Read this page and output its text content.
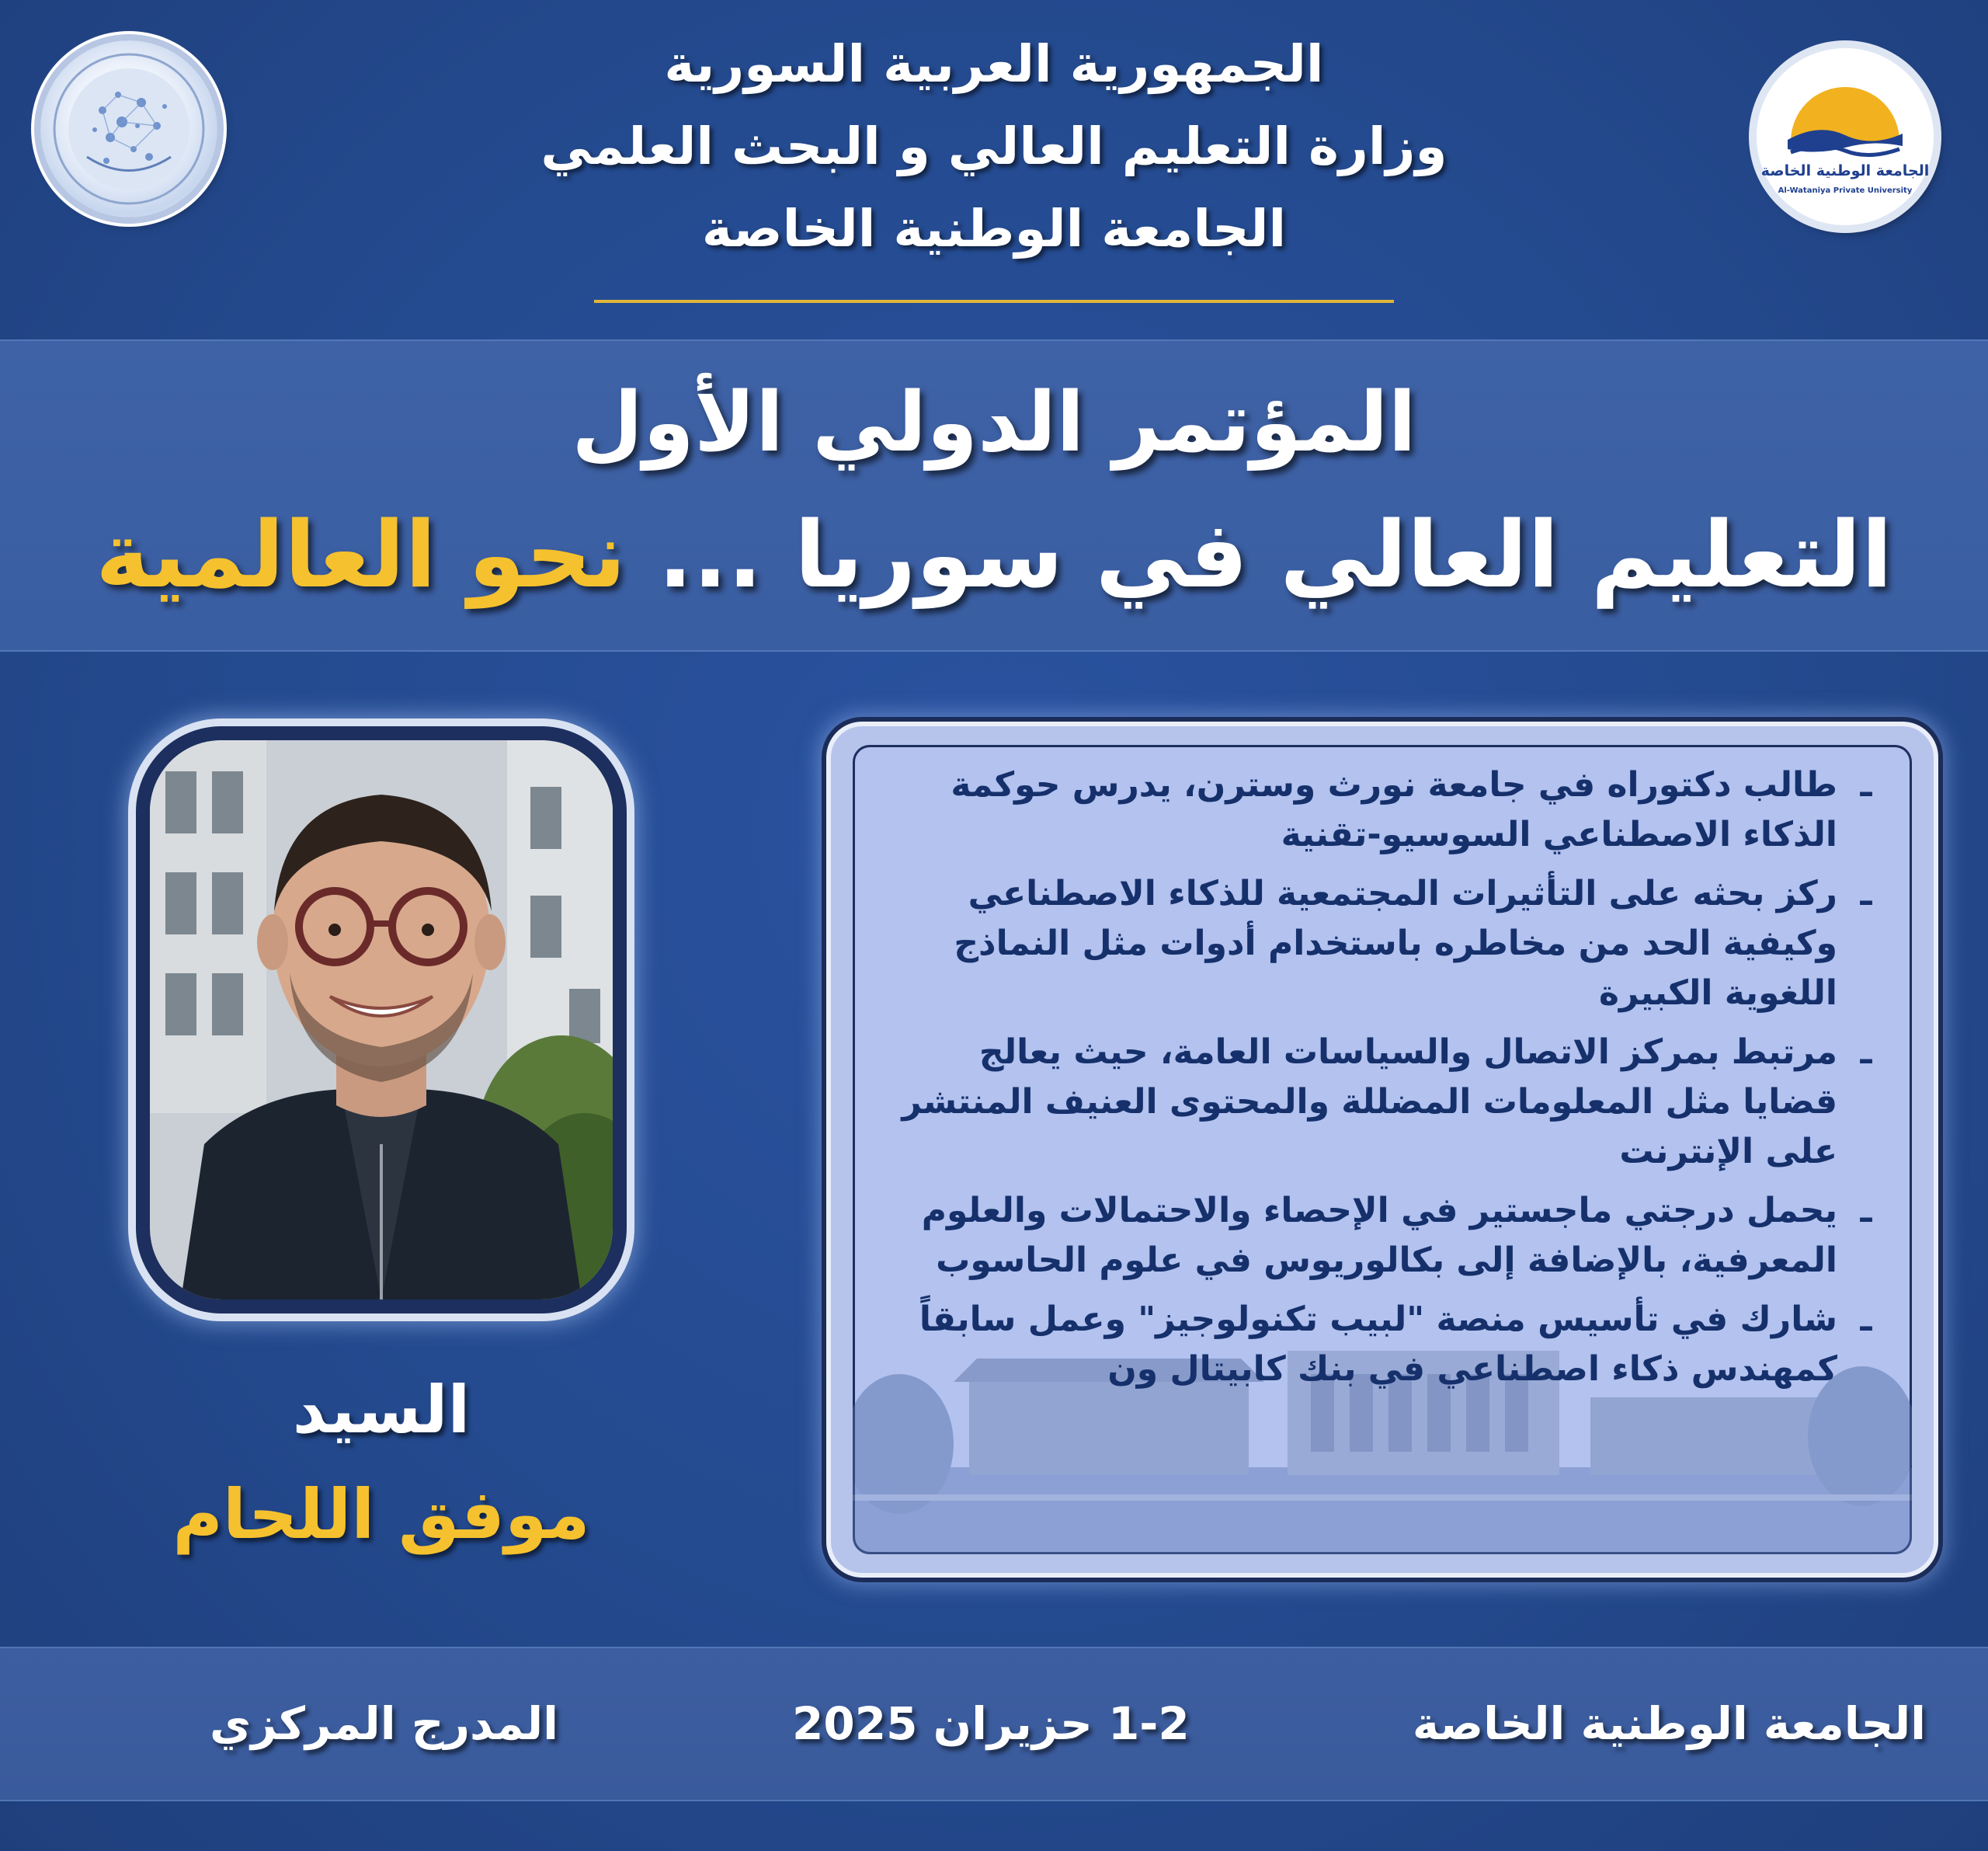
الجمهورية العربية السورية
وزارة التعليم العالي و البحث العلمي
الجامعة الوطنية الخاصة
الجامعة الوطنية الخاصة
Al-Wataniya Private University
المؤتمر الدولي الأول
التعليم العالي في سوريا ... نحو العالمية
السيد
موفق اللحام
ـ
طالب دكتوراه في جامعة نورث وسترن، يدرس حوكمة الذكاء الاصطناعي السوسيو-تقنية
ـ
ركز بحثه على التأثيرات المجتمعية للذكاء الاصطناعي وكيفية الحد من مخاطره باستخدام أدوات مثل النماذج اللغوية الكبيرة
ـ
مرتبط بمركز الاتصال والسياسات العامة، حيث يعالج قضايا مثل المعلومات المضللة والمحتوى العنيف المنتشر على الإنترنت
ـ
يحمل درجتي ماجستير في الإحصاء والاحتمالات والعلوم المعرفية، بالإضافة إلى بكالوريوس في علوم الحاسوب
ـ
شارك في تأسيس منصة "لبيب تكنولوجيز" وعمل سابقاً كمهندس ذكاء اصطناعي في بنك كابيتال ون
الجامعة الوطنية الخاصة
1-2 حزيران 2025
المدرج المركزي
